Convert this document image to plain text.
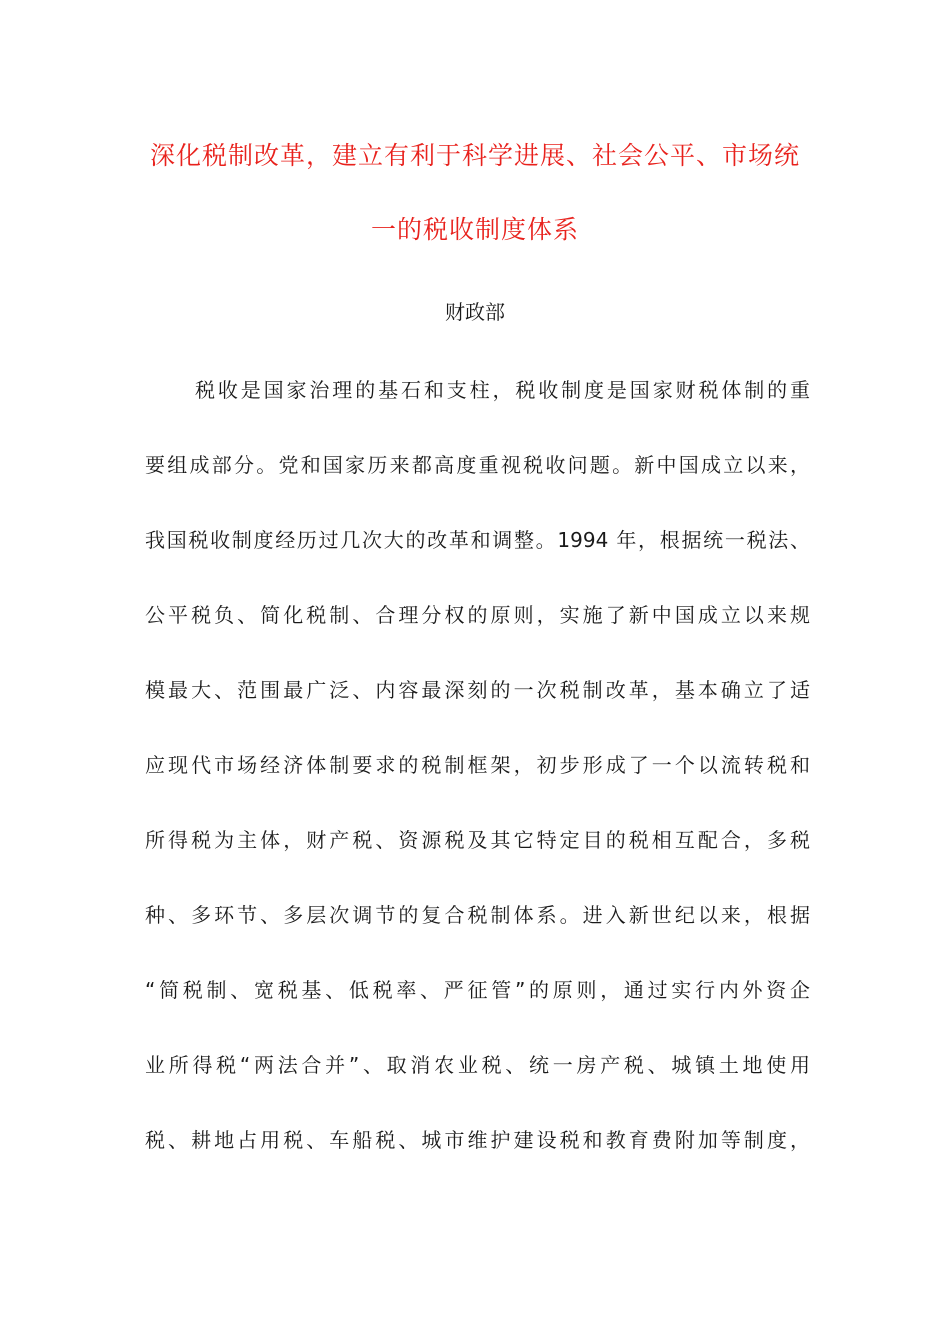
深化税制改革，建立有利于科学进展、社会公平、市场统
一的税收制度体系
财政部
税收是国家治理的基石和支柱，税收制度是国家财税体制的重
要组成部分。党和国家历来都高度重视税收问题。新中国成立以来，
我国税收制度经历过几次大的改革和调整。1994 年，根据统一税法、
公平税负、简化税制、合理分权的原则，实施了新中国成立以来规
模最大、范围最广泛、内容最深刻的一次税制改革，基本确立了适
应现代市场经济体制要求的税制框架，初步形成了一个以流转税和
所得税为主体，财产税、资源税及其它特定目的税相互配合，多税
种、多环节、多层次调节的复合税制体系。进入新世纪以来，根据
“简税制、宽税基、低税率、严征管”的原则，通过实行内外资企
业所得税“两法合并”、取消农业税、统一房产税、城镇土地使用
税、耕地占用税、车船税、城市维护建设税和教育费附加等制度，
